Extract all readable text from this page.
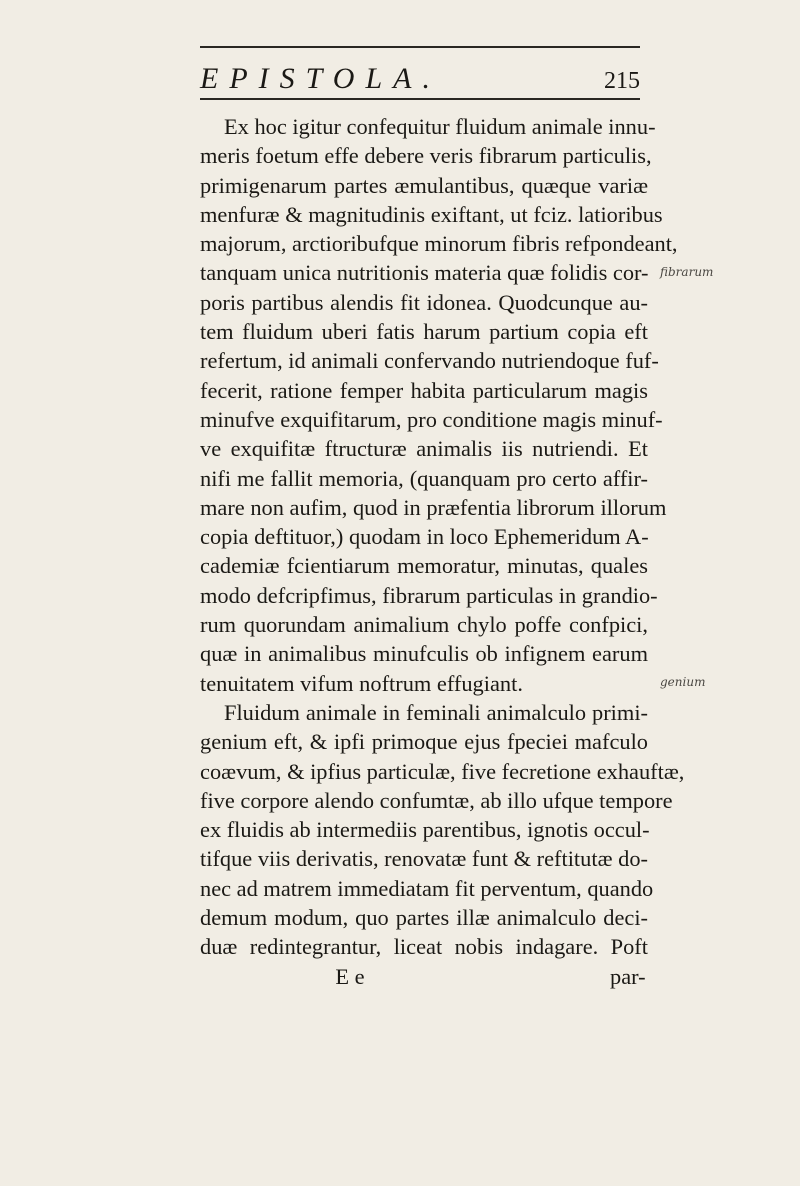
EPISTOLA.	215
Ex hoc igitur confequitur fluidum animale innu-
meris foetum effe debere veris fibrarum particulis,
primigenarum partes æmulantibus, quæque variæ
menfuræ & magnitudinis exiftant, ut fciz. latioribus
majorum, arctioribufque minorum fibris refpondeant,
tanquam unica nutritionis materia quæ folidis cor-
poris partibus alendis fit idonea. Quodcunque au-
tem fluidum uberi fatis harum partium copia eft
refertum, id animali confervando nutriendoque fuf-
fecerit, ratione femper habita particularum magis
minufve exquifitarum, pro conditione magis minuf-
ve exquifitæ ftructuræ animalis iis nutriendi. Et
nifi me fallit memoria, (quanquam pro certo affir-
mare non aufim, quod in præfentia librorum illorum
copia deftituor,) quodam in loco Ephemeridum A-
cademiæ fcientiarum memoratur, minutas, quales
modo defcripfimus, fibrarum particulas in grandio-
rum quorundam animalium chylo poffe confpici,
quæ in animalibus minufculis ob infignem earum
tenuitatem vifum noftrum effugiant.
Fluidum animale in feminali animalculo primi-
genium eft, & ipfi primoque ejus fpeciei mafculo
coævum, & ipfius particulæ, five fecretione exhauftæ,
five corpore alendo confumtæ, ab illo ufque tempore
ex fluidis ab intermediis parentibus, ignotis occul-
tifque viis derivatis, renovatæ funt & reftitutæ do-
nec ad matrem immediatam fit perventum, quando
demum modum, quo partes illæ animalculo deci-
duæ redintegrantur, liceat nobis indagare. Poft
E e	par-
fibrarum
genium
